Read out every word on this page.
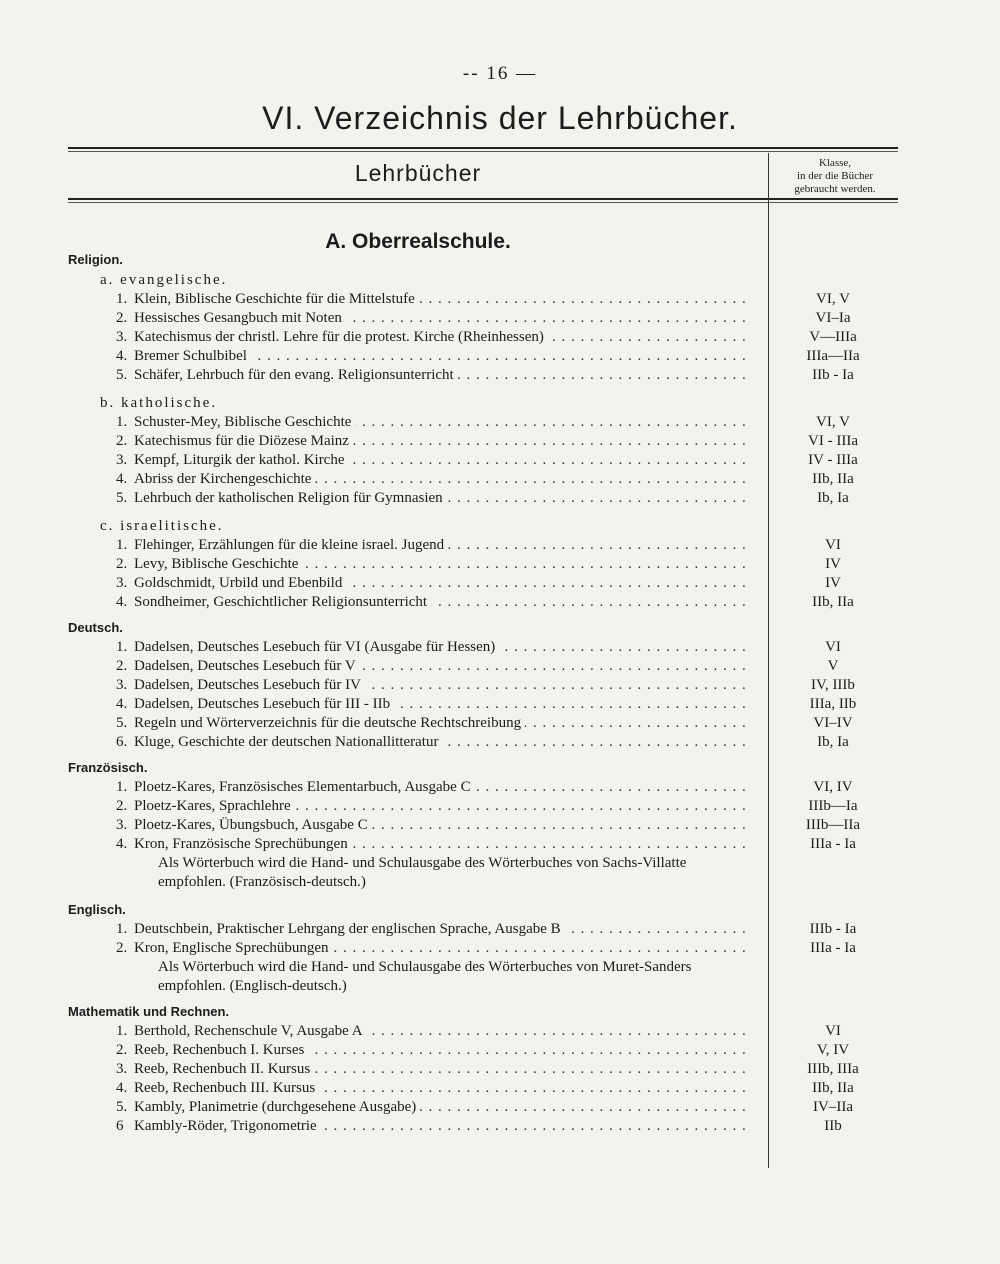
-- 16 —
VI. Verzeichnis der Lehrbücher.
Lehrbücher	Klasse,
in der die Bücher
gebraucht werden.
A. Oberrealschule.
Religion.
a. evangelische.
1. Klein, Biblische Geschichte für die Mittelstufe . . .	VI, V
2. Hessisches Gesangbuch mit Noten . . .	VI–Ia
3. Katechismus der christl. Lehre für die protest. Kirche (Rheinhessen) . . .	V—IIIa
4. Bremer Schulbibel . . .	IIIa—IIa
5. Schäfer, Lehrbuch für den evang. Religionsunterricht . . .	IIb - Ia
b. katholische.
1. Schuster-Mey, Biblische Geschichte . . .	VI, V
2. Katechismus für die Diözese Mainz . . .	VI - IIIa
3. Kempf, Liturgik der kathol. Kirche . . .	IV - IIIa
4. Abriss der Kirchengeschichte . . .	IIb, IIa
5. Lehrbuch der katholischen Religion für Gymnasien . . .	Ib, Ia
c. israelitische.
1. Flehinger, Erzählungen für die kleine israel. Jugend . . .	VI
2. Levy, Biblische Geschichte . . .	IV
3. Goldschmidt, Urbild und Ebenbild . . .	IV
4. Sondheimer, Geschichtlicher Religionsunterricht . . .	IIb, IIa
Deutsch.
1. Dadelsen, Deutsches Lesebuch für VI (Ausgabe für Hessen) . . .	VI
2. Dadelsen, Deutsches Lesebuch für V . . .	V
3. Dadelsen, Deutsches Lesebuch für IV . . .	IV, IIIb
4. Dadelsen, Deutsches Lesebuch für III - IIb . . .	IIIa, IIb
5. Regeln und Wörterverzeichnis für die deutsche Rechtschreibung . . .	VI–IV
6. Kluge, Geschichte der deutschen Nationallitteratur . . .	Ib, Ia
Französisch.
1. Ploetz-Kares, Französisches Elementarbuch, Ausgabe C . . .	VI, IV
2. Ploetz-Kares, Sprachlehre . . .	IIIb—Ia
3. Ploetz-Kares, Übungsbuch, Ausgabe C . . .	IIIb—IIa
4. Kron, Französische Sprechübungen . . .	IIIa - Ia
Als Wörterbuch wird die Hand- und Schulausgabe des Wörterbuches von Sachs-Villatte empfohlen. (Französisch-deutsch.)
Englisch.
1. Deutschbein, Praktischer Lehrgang der englischen Sprache, Ausgabe B . . .	IIIb - Ia
2. Kron, Englische Sprechübungen . . .	IIIa - Ia
Als Wörterbuch wird die Hand- und Schulausgabe des Wörterbuches von Muret-Sanders empfohlen. (Englisch-deutsch.)
Mathematik und Rechnen.
1. Berthold, Rechenschule V, Ausgabe A . . .	VI
2. Reeb, Rechenbuch I. Kurses . . .	V, IV
3. Reeb, Rechenbuch II. Kursus . . .	IIIb, IIIa
4. Reeb, Rechenbuch III. Kursus . . .	IIb, IIa
5. Kambly, Planimetrie (durchgesehene Ausgabe) . . .	IV–IIa
6 Kambly-Röder, Trigonometrie . . .	IIb
